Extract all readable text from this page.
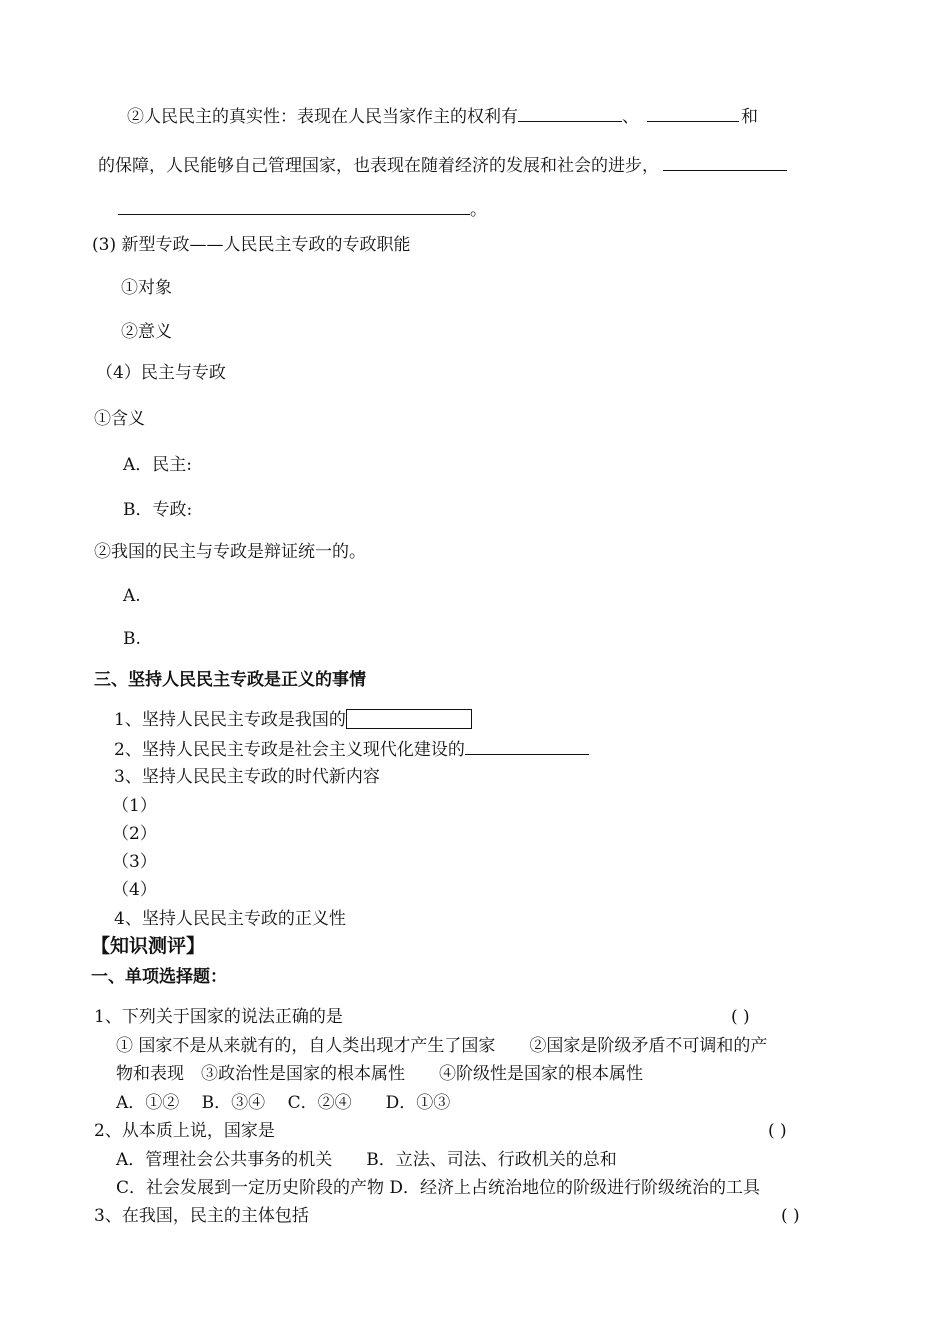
②人民民主的真实性：表现在人民当家作主的权利有	、	和
的保障，人民能够自己管理国家，也表现在随着经济的发展和社会的进步，
。
(3) 新型专政——人民民主专政的专政职能
①对象
②意义
（4）民主与专政
①含义
A．民主:
B．专政:
②我国的民主与专政是辩证统一的。
A.
B.
三、坚持人民民主专政是正义的事情
1、坚持人民民主专政是我国的
2、坚持人民民主专政是社会主义现代化建设的
3、坚持人民民主专政的时代新内容
（1）
（2）
（3）
（4）
4、坚持人民民主专政的正义性
【知识测评】
一、单项选择题：
1、下列关于国家的说法正确的是	( )
① 国家不是从来就有的，自人类出现才产生了国家　　②国家是阶级矛盾不可调和的产
物和表现　③政治性是国家的根本属性　　④阶级性是国家的根本属性
A．①②　 B．③④　 C．②④　　D．①③
2、从本质上说，国家是	( )
A．管理社会公共事务的机关　　B．立法、司法、行政机关的总和
C．社会发展到一定历史阶段的产物 D．经济上占统治地位的阶级进行阶级统治的工具
3、在我国，民主的主体包括	( )
